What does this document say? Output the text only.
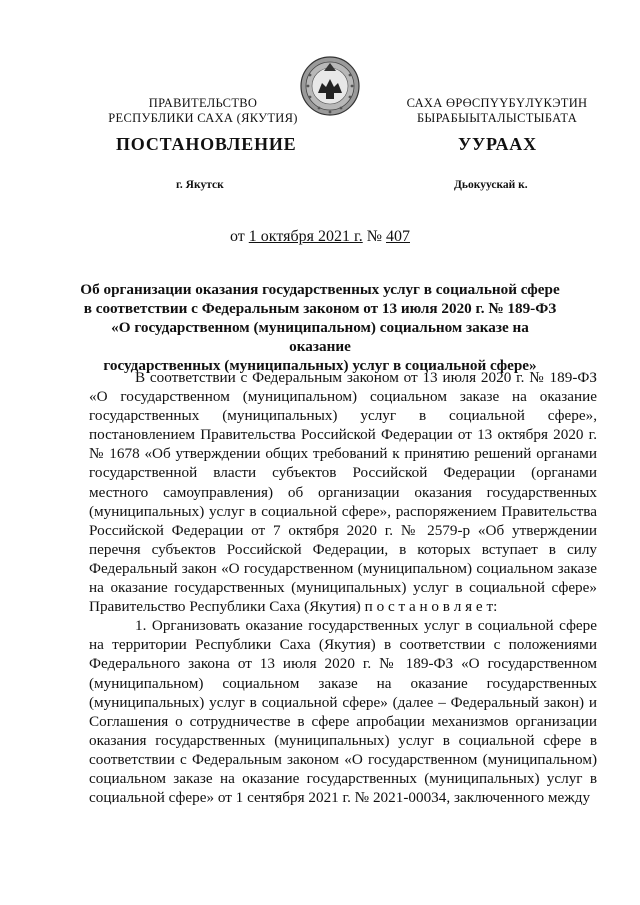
ПРАВИТЕЛЬСТВО
РЕСПУБЛИКИ САХА (ЯКУТИЯ)
САХА ӨРӨСПҮҮБҮЛҮКЭТИН
БЫРАБЫЫТАЛЫСТЫБАТА
ПОСТАНОВЛЕНИЕ	УУРААХ
г. Якутск	Дьокуускай к.
от 1 октября 2021 г. № 407
Об организации оказания государственных услуг в социальной сфере
в соответствии с Федеральным законом от 13 июля 2020 г. № 189-ФЗ
«О государственном (муниципальном) социальном заказе на оказание
государственных (муниципальных) услуг в социальной сфере»

В соответствии с Федеральным законом от 13 июля 2020 г. № 189-ФЗ «О государственном (муниципальном) социальном заказе на оказание государственных (муниципальных) услуг в социальной сфере», постановлением Правительства Российской Федерации от 13 октября 2020 г. № 1678 «Об утверждении общих требований к принятию решений органами государственной власти субъектов Российской Федерации (органами местного самоуправления) об организации оказания государственных (муниципальных) услуг в социальной сфере», распоряжением Правительства Российской Федерации от 7 октября 2020 г. № 2579-р «Об утверждении перечня субъектов Российской Федерации, в которых вступает в силу Федеральный закон «О государственном (муниципальном) социальном заказе на оказание государственных (муниципальных) услуг в социальной сфере» Правительство Республики Саха (Якутия) п о с т а н о в л я е т:

1. Организовать оказание государственных услуг в социальной сфере на территории Республики Саха (Якутия) в соответствии с положениями Федерального закона от 13 июля 2020 г. № 189-ФЗ «О государственном (муниципальном) социальном заказе на оказание государственных (муниципальных) услуг в социальной сфере» (далее – Федеральный закон) и Соглашения о сотрудничестве в сфере апробации механизмов организации оказания государственных (муниципальных) услуг в социальной сфере в соответствии с Федеральным законом «О государственном (муниципальном) социальном заказе на оказание государственных (муниципальных) услуг в социальной сфере» от 1 сентября 2021 г. № 2021-00034, заключенного между
